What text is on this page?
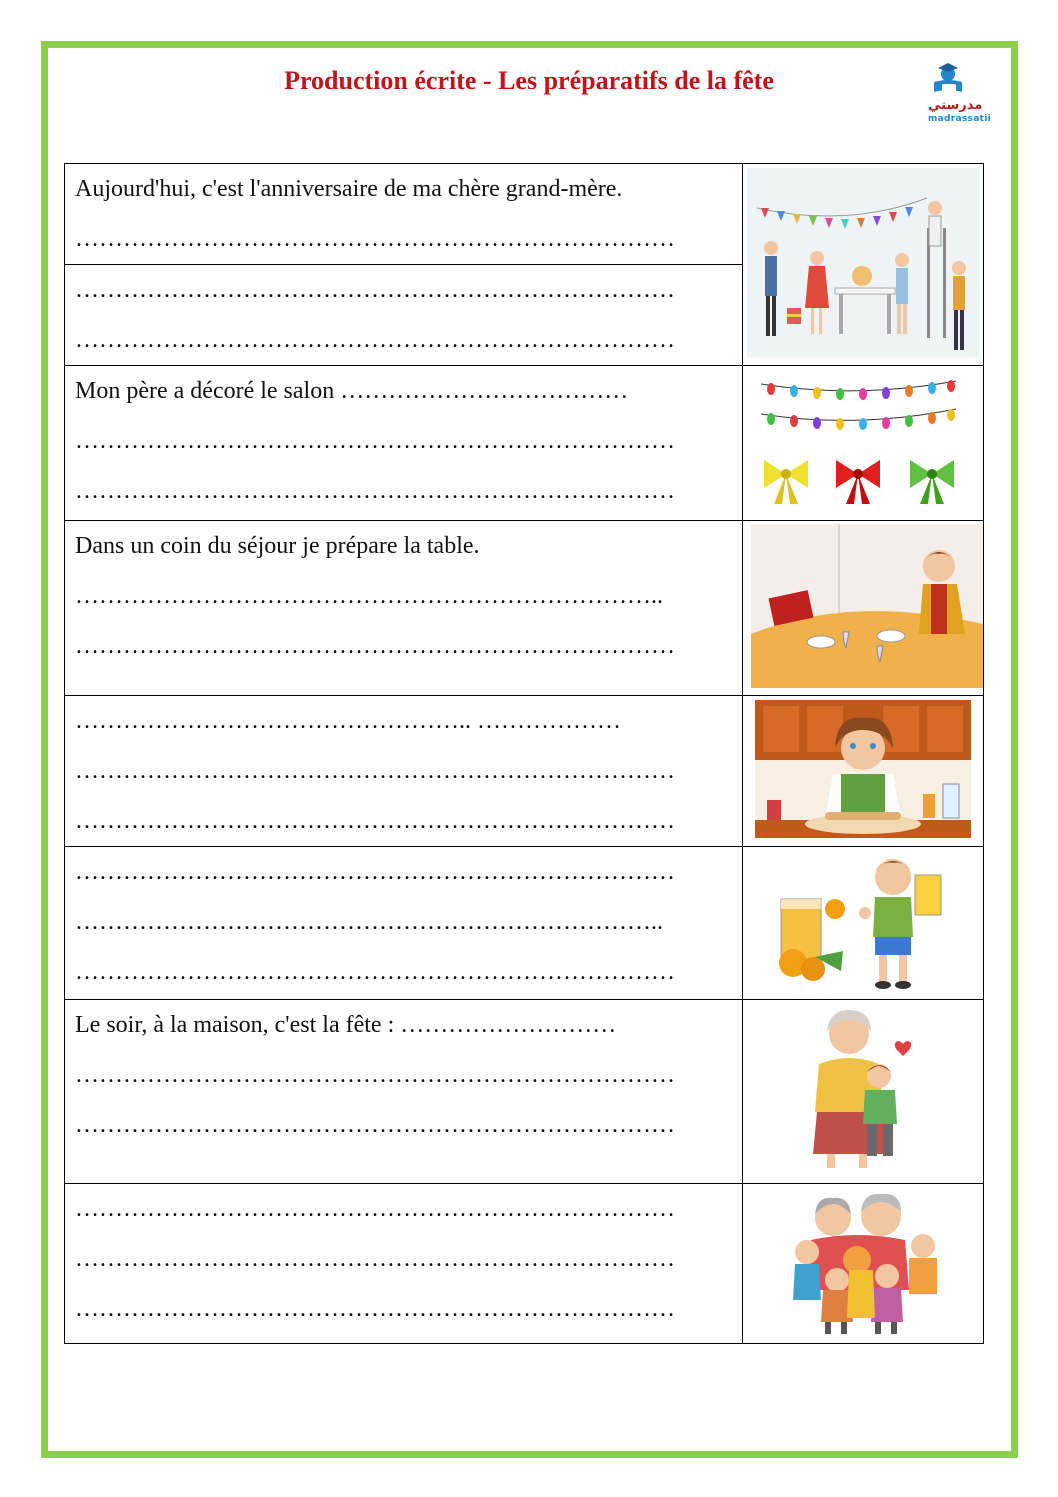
Production écrite - Les préparatifs de la fête
مدرستي
madrassatii
Aujourd'hui, c'est l'anniversaire de ma chère grand-mère.
…………………………………………………………………

…………………………………………………………………
…………………………………………………………………	

Mon père a décoré le salon ………………………………
…………………………………………………………………
…………………………………………………………………

Dans un coin du séjour je prépare la table.
………………………………………………………………..
…………………………………………………………………

………………………………………….. ………………
…………………………………………………………………
…………………………………………………………………

…………………………………………………………………
………………………………………………………………..
…………………………………………………………………

Le soir, à la maison, c'est la fête : ………………………
…………………………………………………………………
…………………………………………………………………

…………………………………………………………………
…………………………………………………………………
…………………………………………………………………
